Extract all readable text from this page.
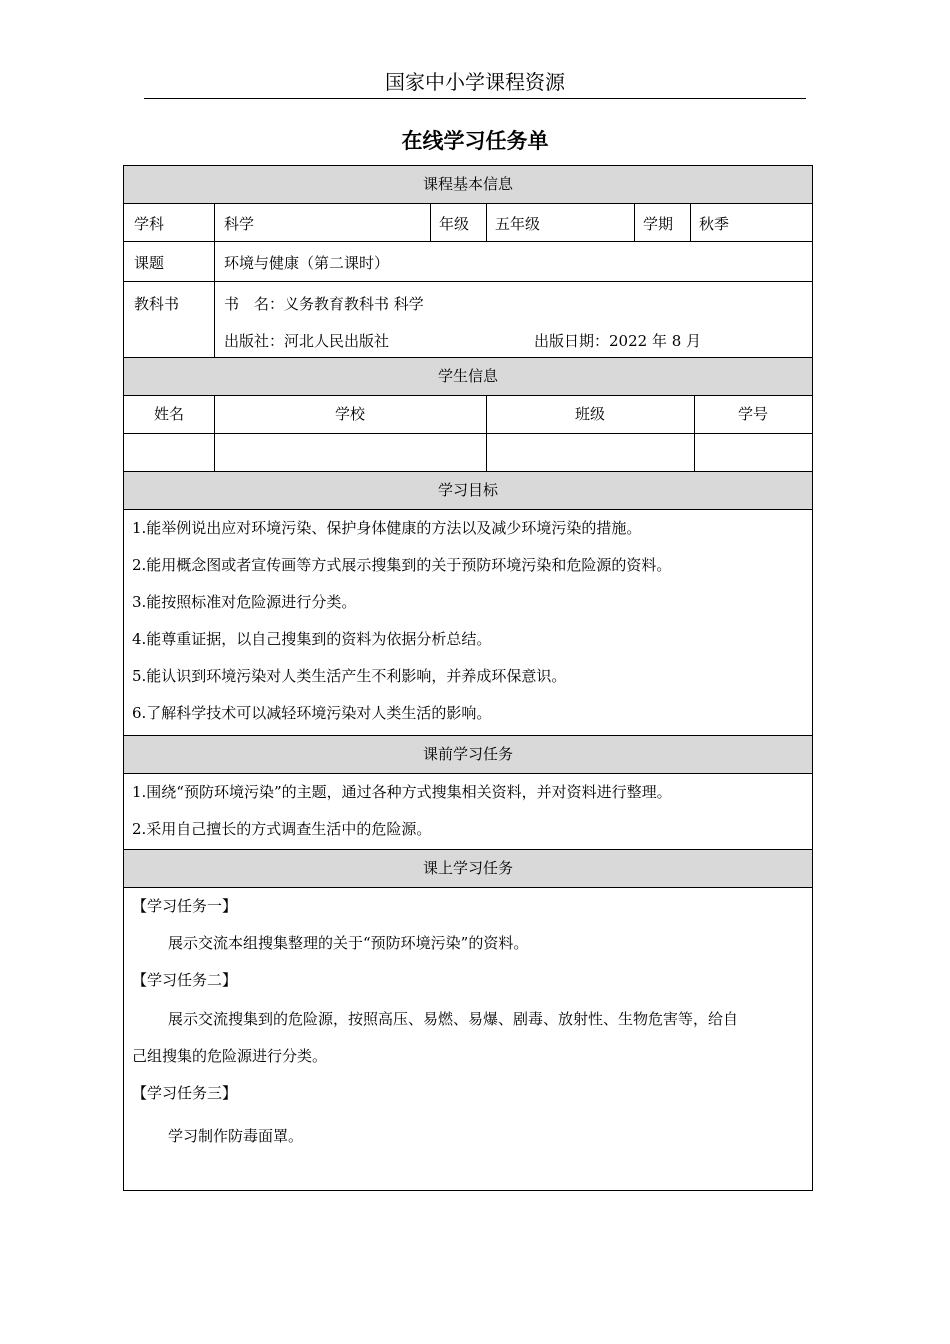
国家中小学课程资源
在线学习任务单
课程基本信息
学科	科学	年级 五年级	学期 秋季
课题	环境与健康（第二课时）
教科书	书　名：义务教育教科书 科学
出版社：河北人民出版社	出版日期：2022 年 8 月
学生信息
姓名	学校	班级	学号
学习目标
1.能举例说出应对环境污染、保护身体健康的方法以及减少环境污染的措施。
2.能用概念图或者宣传画等方式展示搜集到的关于预防环境污染和危险源的资料。
3.能按照标准对危险源进行分类。
4.能尊重证据，以自己搜集到的资料为依据分析总结。
5.能认识到环境污染对人类生活产生不利影响，并养成环保意识。
6.了解科学技术可以减轻环境污染对人类生活的影响。
课前学习任务
1.围绕“预防环境污染”的主题，通过各种方式搜集相关资料，并对资料进行整理。
2.采用自己擅长的方式调查生活中的危险源。
课上学习任务
【学习任务一】
展示交流本组搜集整理的关于“预防环境污染”的资料。
【学习任务二】
展示交流搜集到的危险源，按照高压、易燃、易爆、剧毒、放射性、生物危害等，给自
己组搜集的危险源进行分类。
【学习任务三】
学习制作防毒面罩。
